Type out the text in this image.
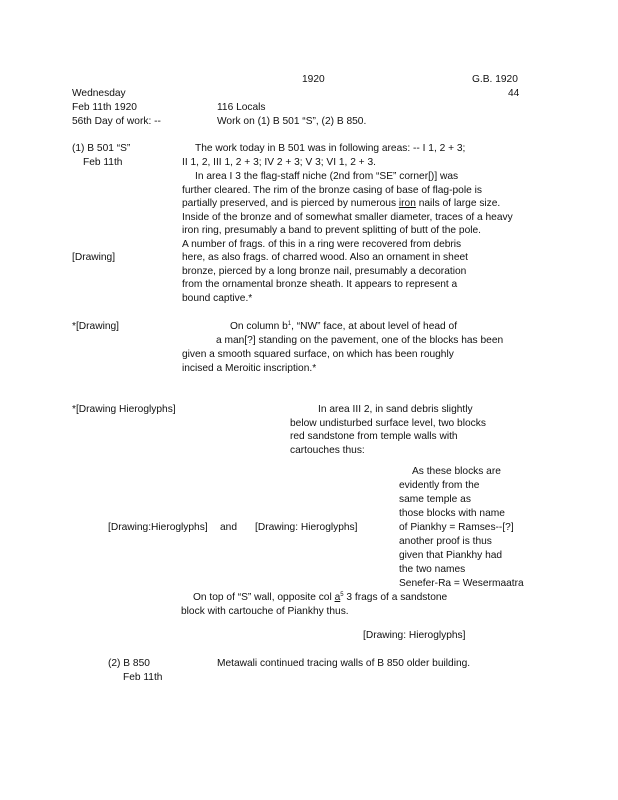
1920	G.B. 1920
44
Wednesday
Feb 11th 1920	116 Locals
56th Day of work: --	Work on (1) B 501 “S”, (2) B 850.
(1) B 501 “S”
Feb 11th
The work today in B 501 was in following areas: -- I 1, 2 + 3;
II 1, 2, III 1, 2 + 3; IV 2 + 3; V 3; VI 1, 2 + 3.
In area I 3 the flag-staff niche (2nd from “SE” corner[)] was
further cleared. The rim of the bronze casing of base of flag-pole is
partially preserved, and is pierced by numerous iron nails of large size.
Inside of the bronze and of somewhat smaller diameter, traces of a heavy
iron ring, presumably a band to prevent splitting of butt of the pole.
A number of frags. of this in a ring were recovered from debris
here, as also frags. of charred wood. Also an ornament in sheet
[Drawing]
bronze, pierced by a long bronze nail, presumably a decoration
from the ornamental bronze sheath. It appears to represent a
bound captive.*
*[Drawing]	On column $b^1$, “NW” face, at about level of head of
a man[?] standing on the pavement, one of the blocks has been
given a smooth squared surface, on which has been roughly
incised a Meroitic inscription.*
*[Drawing Hieroglyphs]	In area III 2, in sand debris slightly
below undisturbed surface level, two blocks
red sandstone from temple walls with
cartouches thus:
As these blocks are
evidently from the
same temple as
those blocks with name
of Piankhy = Ramses--[?]
another proof is thus
given that Piankhy had
the two names
Senefer-Ra = Wesermaatra
[Drawing:Hieroglyphs] and [Drawing: Hieroglyphs]
On top of “S” wall, opposite col $a^5$ 3 frags of a sandstone
block with cartouche of Piankhy thus.
[Drawing: Hieroglyphs]
(2) B 850
Feb 11th
Metawali continued tracing walls of B 850 older building.
